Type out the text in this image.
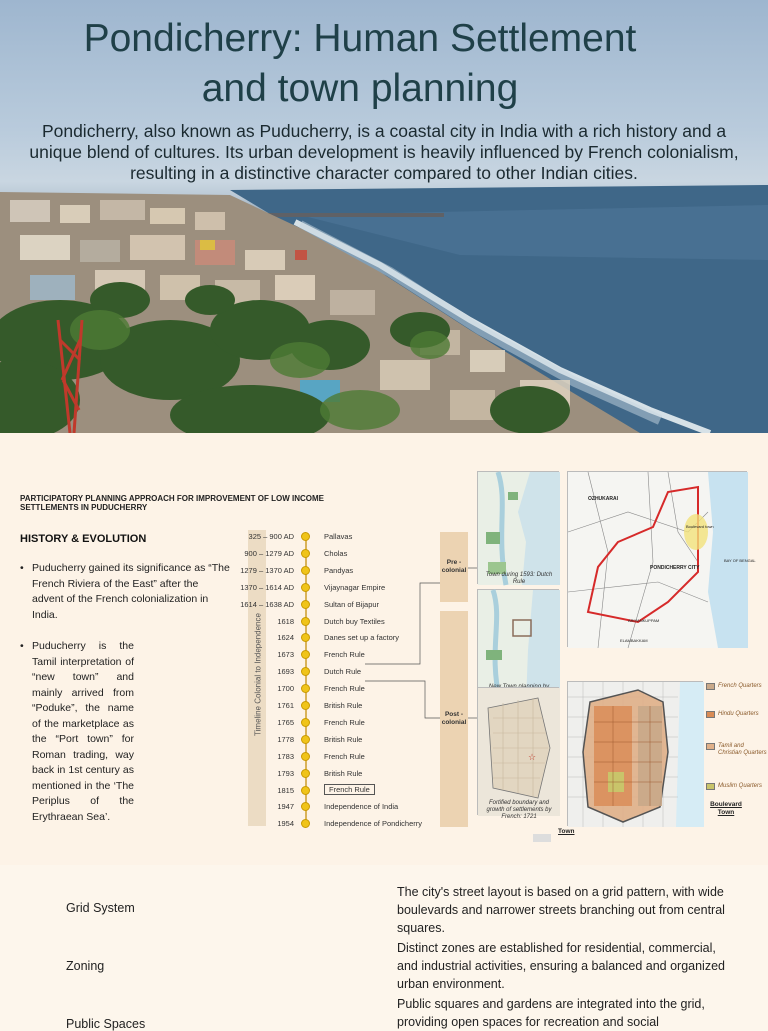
Pondicherry: Human Settlement
and town planning

Pondicherry, also known as Puducherry, is a coastal city in India with a rich history and a unique blend of cultures. Its urban development is heavily influenced by French colonialism, resulting in a distinctive character compared to other Indian cities.

PARTICIPATORY PLANNING APPROACH FOR IMPROVEMENT OF LOW INCOME SETTLEMENTS IN PUDUCHERRY
HISTORY & EVOLUTION
• Puducherry gained its significance as “The French Riviera of the East” after the advent of the French colonialization in India.
• Puducherry is the Tamil interpretation of “new town” and mainly arrived from “Poduke”, the name of the marketplace as the “Port town” for Roman trading, way back in 1st century as mentioned in the ‘The Periplus of the Erythraean Sea’.
Timeline Colonial to Independence
325 – 900 AD	Pallavas
900 – 1279 AD	Cholas
1279 – 1370 AD	Pandyas
1370 – 1614 AD	Vijaynagar Empire
1614 – 1638 AD	Sultan of Bijapur
1618	Dutch buy Textiles
1624	Danes set up a factory
1673	French Rule
1693	Dutch Rule
1700	French Rule
1761	British Rule
1765	French Rule
1778	British Rule
1783	French Rule
1793	British Rule
1815	French Rule
1947	Independence of India
1954	Independence of Pondicherry
Pre - colonial
Post - colonial
Town during 1593: Dutch Rule
☆
Fortified boundary and growth of settlements by French: 1721
Town
OZHUKARAI
PONDICHERRY CITY
BAY OF BENGAL
Boulevard town
ARIYANKUPPAM
ELAMBAKKAM
French Quarters
Hindu Quarters
Tamil and Christian Quarters
Muslim Quarters
Boulevard Town
Grid System
The city's street layout is based on a grid pattern, with wide boulevards and narrower streets branching out from central squares.
Zoning
Distinct zones are established for residential, commercial, and industrial activities, ensuring a balanced and organized urban environment.
Public Spaces
Public squares and gardens are integrated into the grid, providing open spaces for recreation and social
